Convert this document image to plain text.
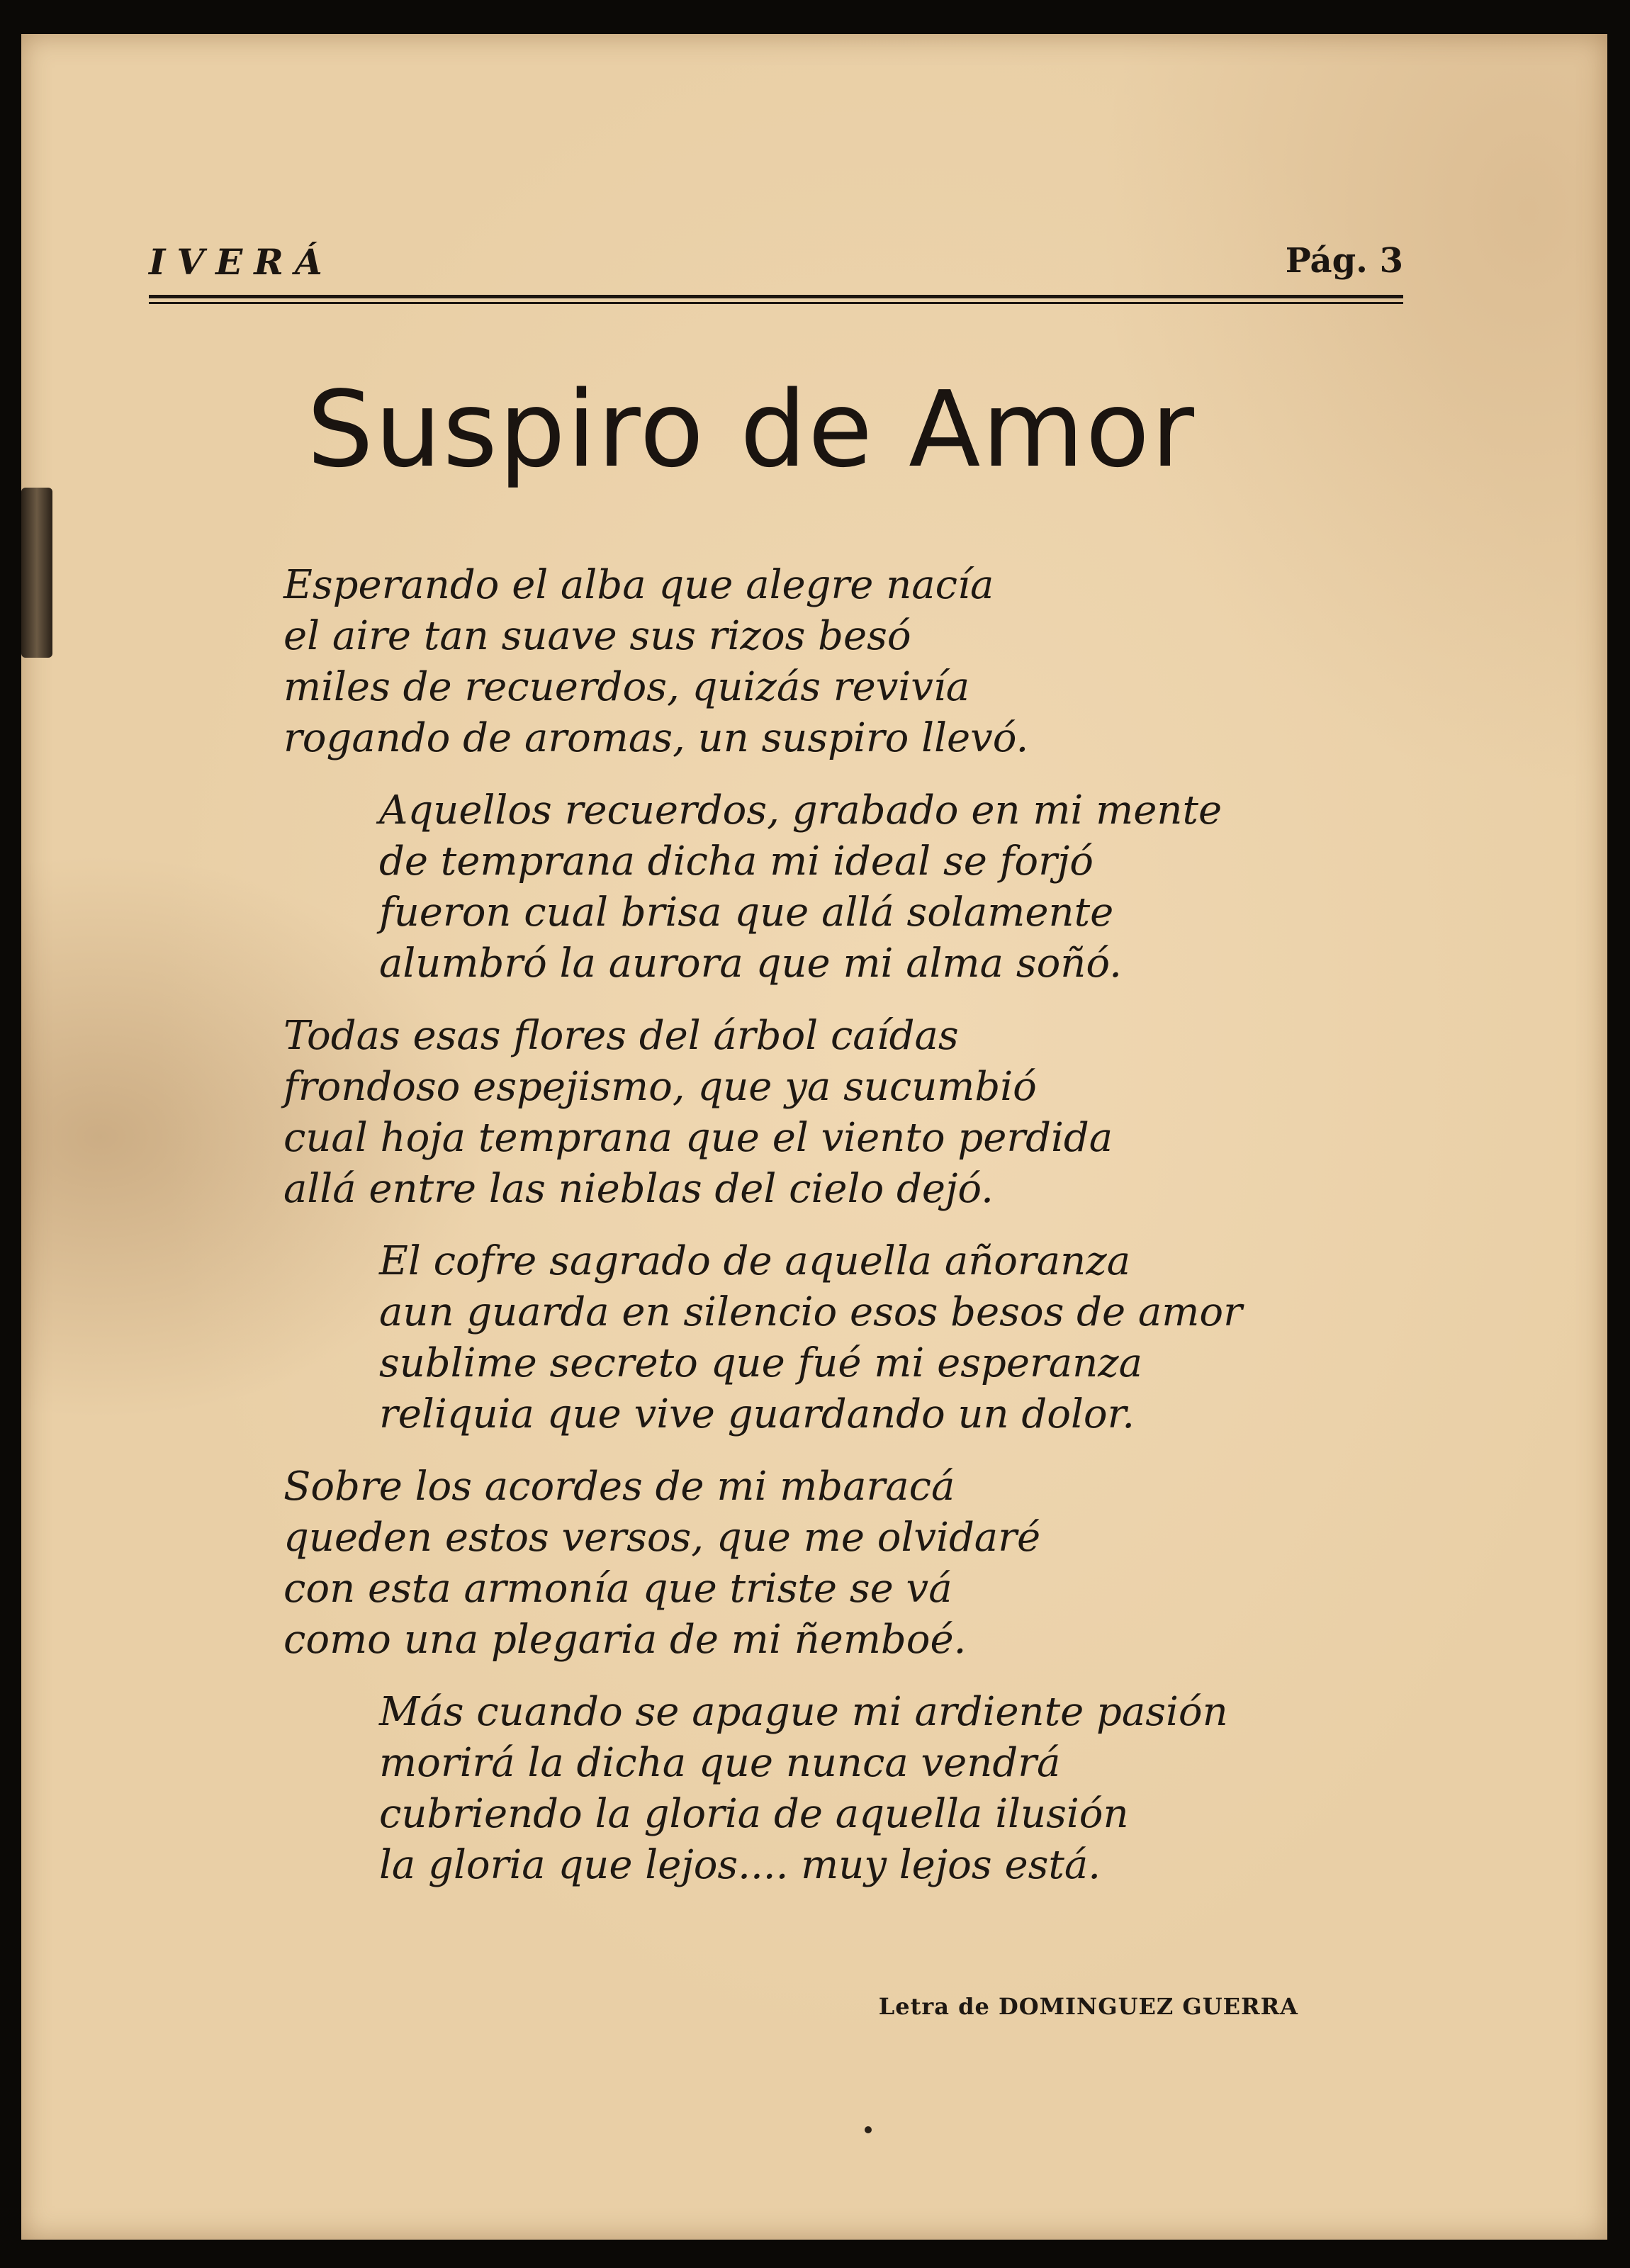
IVERÁ	Pág. 3
Suspiro de Amor
Esperando el alba que alegre nacía
el aire tan suave sus rizos besó
miles de recuerdos, quizás revivía
rogando de aromas, un suspiro llevó.
Aquellos recuerdos, grabado en mi mente
de temprana dicha mi ideal se forjó
fueron cual brisa que allá solamente
alumbró la aurora que mi alma soñó.
Todas esas flores del árbol caídas
frondoso espejismo, que ya sucumbió
cual hoja temprana que el viento perdida
allá entre las nieblas del cielo dejó.
El cofre sagrado de aquella añoranza
aun guarda en silencio esos besos de amor
sublime secreto que fué mi esperanza
reliquia que vive guardando un dolor.
Sobre los acordes de mi mbaracá
queden estos versos, que me olvidaré
con esta armonía que triste se vá
como una plegaria de mi ñemboé.
Más cuando se apague mi ardiente pasión
morirá la dicha que nunca vendrá
cubriendo la gloria de aquella ilusión
la gloria que lejos.... muy lejos está.
Letra de DOMINGUEZ GUERRA
